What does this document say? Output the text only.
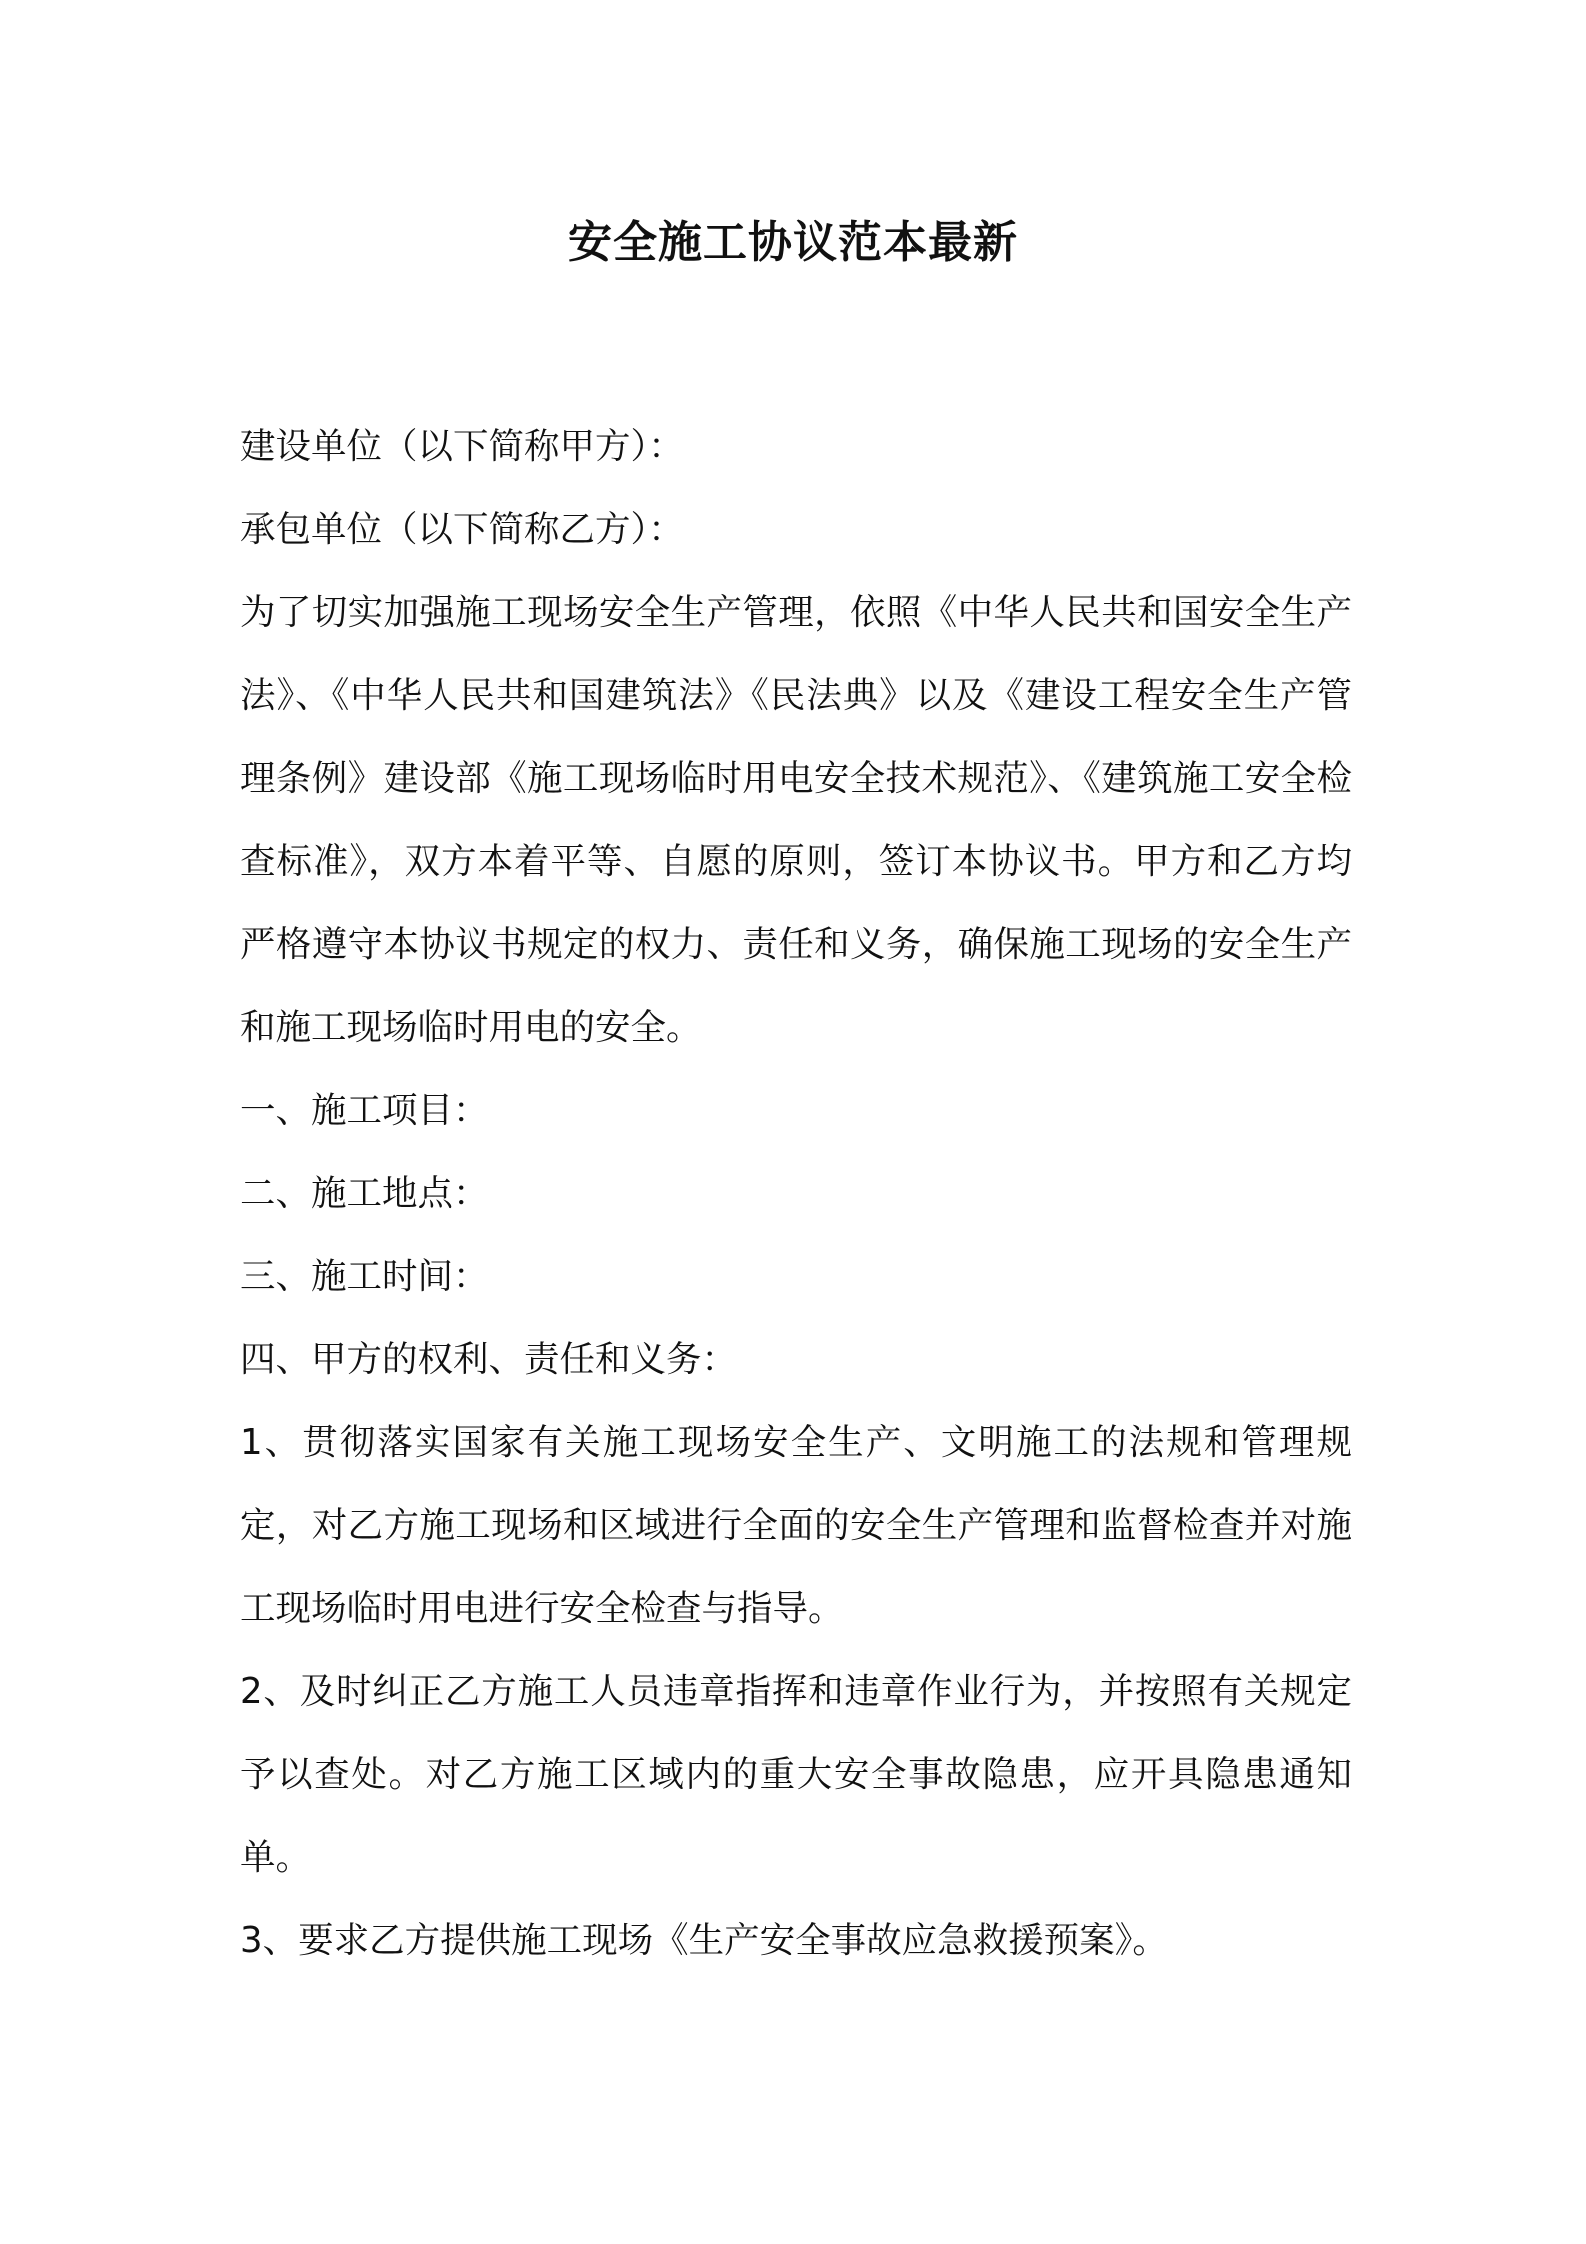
安全施工协议范本最新

建设单位（以下简称甲方）：

承包单位（以下简称乙方）：

为了切实加强施工现场安全生产管理，依照《中华人民共和国安全生产法》、《中华人民共和国建筑法》《民法典》以及《建设工程安全生产管理条例》建设部《施工现场临时用电安全技术规范》、《建筑施工安全检查标准》，双方本着平等、自愿的原则，签订本协议书。甲方和乙方均严格遵守本协议书规定的权力、责任和义务，确保施工现场的安全生产和施工现场临时用电的安全。

一、施工项目：

二、施工地点：

三、施工时间：

四、甲方的权利、责任和义务：

1、贯彻落实国家有关施工现场安全生产、文明施工的法规和管理规定，对乙方施工现场和区域进行全面的安全生产管理和监督检查并对施工现场临时用电进行安全检查与指导。

2、及时纠正乙方施工人员违章指挥和违章作业行为，并按照有关规定予以查处。对乙方施工区域内的重大安全事故隐患，应开具隐患通知单。

3、要求乙方提供施工现场《生产安全事故应急救援预案》。
